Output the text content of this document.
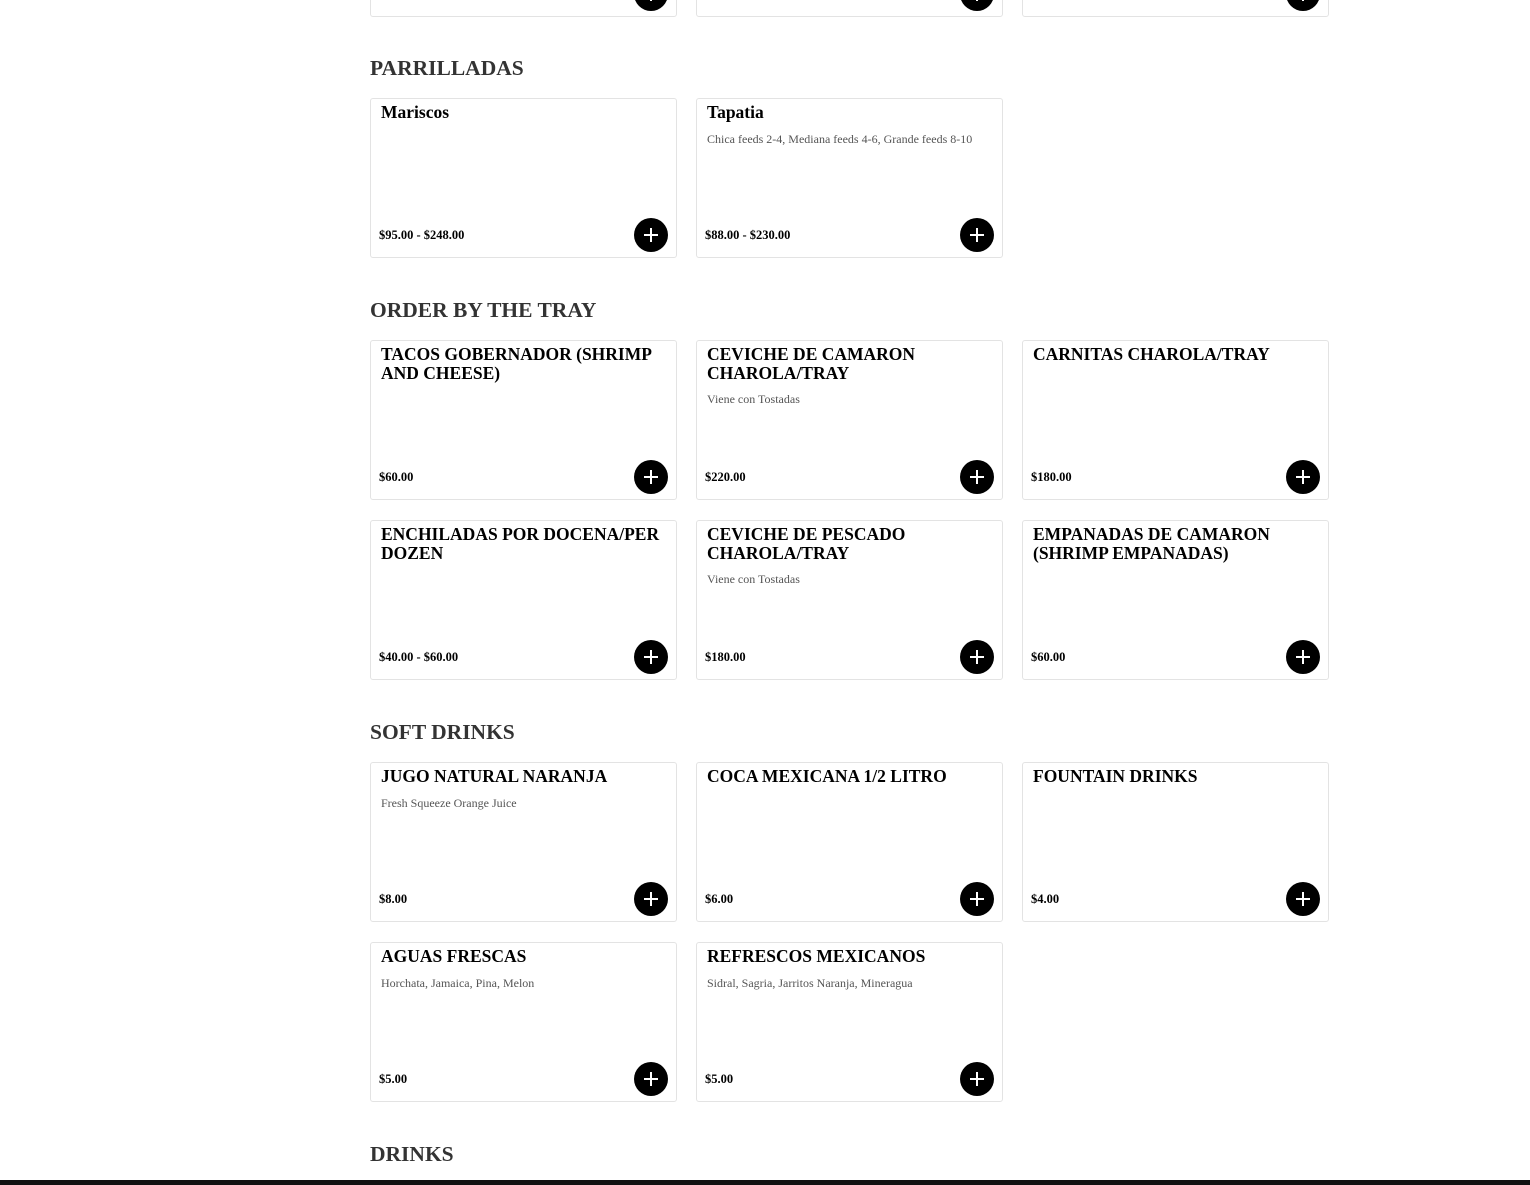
PARRILLADAS
Mariscos

$95.00 - $248.00

Tapatia

Chica feeds 2-4, Mediana feeds 4-6, Grande feeds 8-10

$88.00 - $230.00

ORDER BY THE TRAY
TACOS GOBERNADOR (SHRIMP AND CHEESE)

$60.00

CEVICHE DE CAMARON CHAROLA/TRAY

Viene con Tostadas

$220.00

CARNITAS CHAROLA/TRAY

$180.00

ENCHILADAS POR DOCENA/PER DOZEN

$40.00 - $60.00

CEVICHE DE PESCADO CHAROLA/TRAY

Viene con Tostadas

$180.00

EMPANADAS DE CAMARON (SHRIMP EMPANADAS)

$60.00

SOFT DRINKS
JUGO NATURAL NARANJA

Fresh Squeeze Orange Juice

$8.00

COCA MEXICANA 1/2 LITRO

$6.00

FOUNTAIN DRINKS

$4.00

AGUAS FRESCAS

Horchata, Jamaica, Pina, Melon

$5.00

REFRESCOS MEXICANOS

Sidral, Sagria, Jarritos Naranja, Mineragua

$5.00

DRINKS
